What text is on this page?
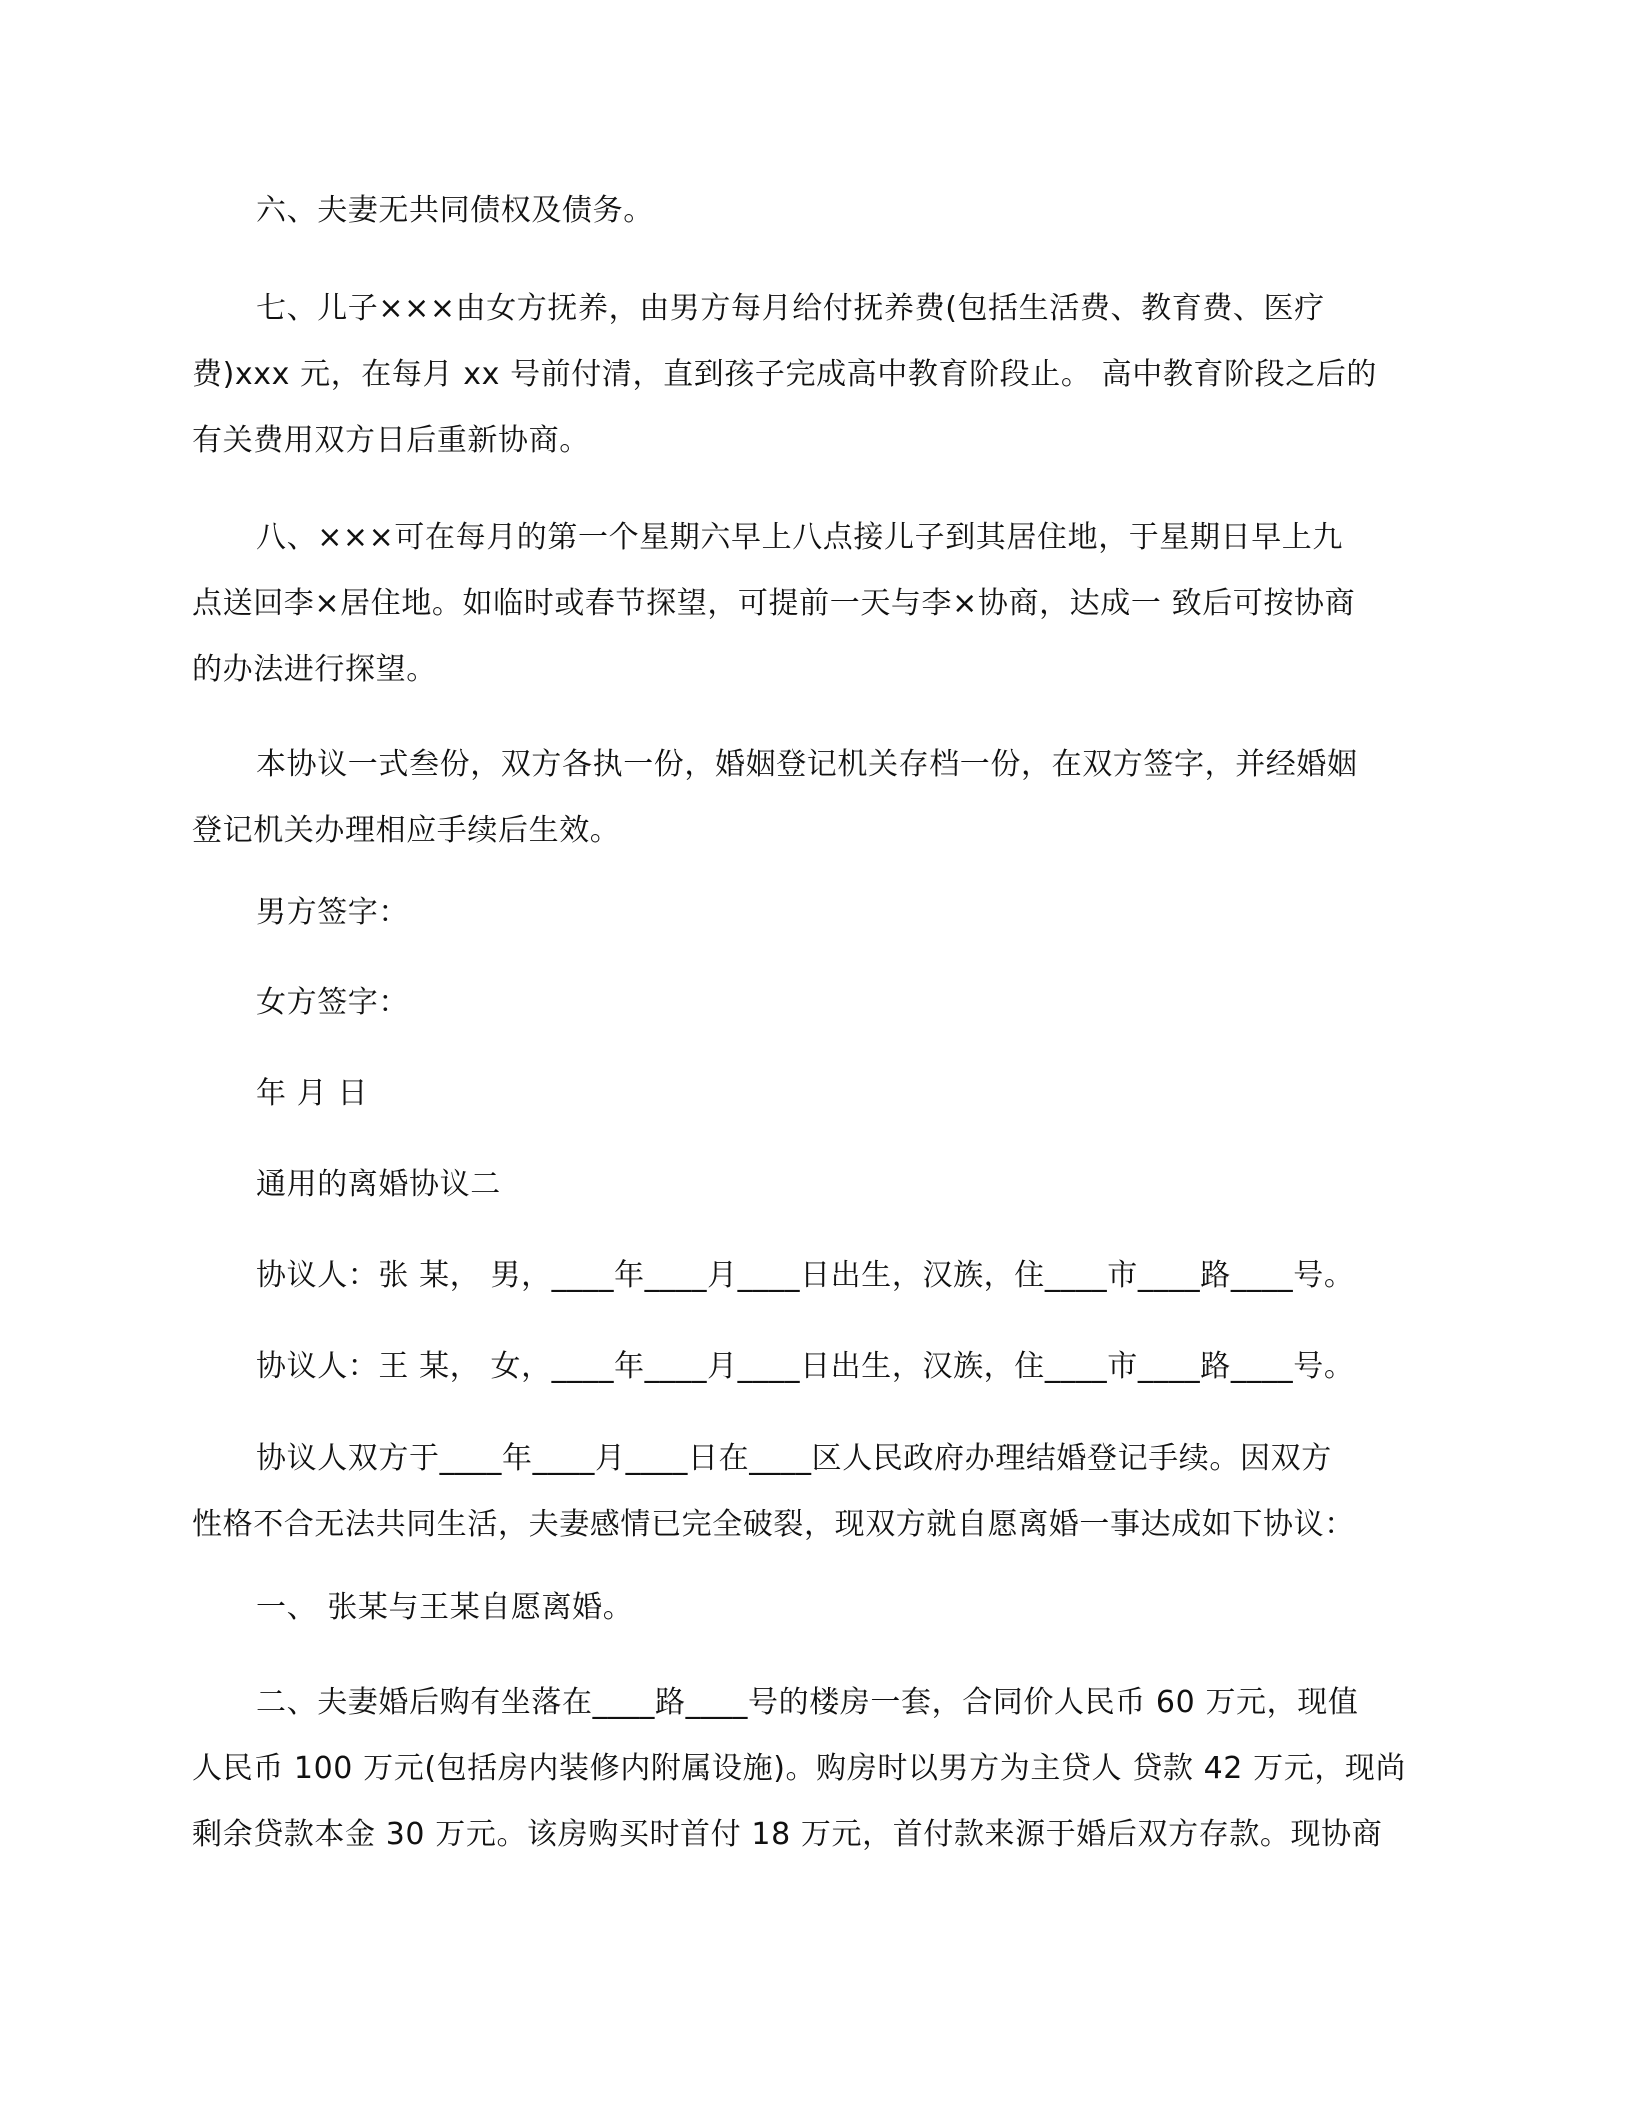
六、夫妻无共同债权及债务。
七、儿子×××由女方抚养，由男方每月给付抚养费(包括生活费、教育费、医疗
费)xxx 元，在每月 xx 号前付清，直到孩子完成高中教育阶段止。 高中教育阶段之后的
有关费用双方日后重新协商。
八、×××可在每月的第一个星期六早上八点接儿子到其居住地，于星期日早上九
点送回李×居住地。如临时或春节探望，可提前一天与李×协商，达成一 致后可按协商
的办法进行探望。
本协议一式叁份，双方各执一份，婚姻登记机关存档一份，在双方签字，并经婚姻
登记机关办理相应手续后生效。
男方签字：
女方签字：
年 月 日
通用的离婚协议二
协议人：张 某， 男，____年____月____日出生，汉族，住____市____路____号。
协议人：王 某， 女，____年____月____日出生，汉族，住____市____路____号。
协议人双方于____年____月____日在____区人民政府办理结婚登记手续。因双方
性格不合无法共同生活，夫妻感情已完全破裂，现双方就自愿离婚一事达成如下协议：
一、 张某与王某自愿离婚。
二、夫妻婚后购有坐落在____路____号的楼房一套，合同价人民币 60 万元，现值
人民币 100 万元(包括房内装修内附属设施)。购房时以男方为主贷人 贷款 42 万元，现尚
剩余贷款本金 30 万元。该房购买时首付 18 万元，首付款来源于婚后双方存款。现协商
